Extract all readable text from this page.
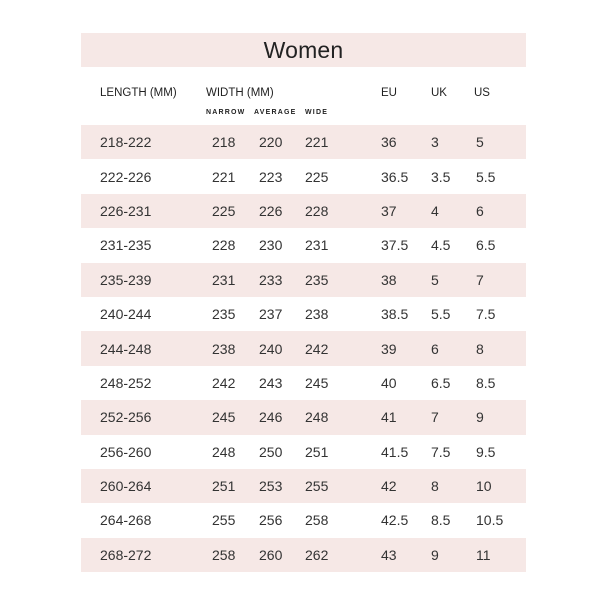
Women
LENGTH (MM)	WIDTH (MM)
NARROW AVERAGE WIDE
EU	UK US
218-222	218 220 221	36 3	5
222-226	221 223 225	36.5 3.5 5.5
226-231	225 226 228	37 4	6
231-235	228 230 231	37.5 4.5 6.5
235-239	231 233 235	38 5	7
240-244	235 237 238	38.5 5.5 7.5
244-248	238 240 242	39 6	8
248-252	242 243 245	40 6.5 8.5
252-256	245 246 248	41 7	9
256-260	248 250 251	41.5 7.5 9.5
260-264	251 253 255	42 8	10
264-268	255 256 258	42.5 8.5 10.5
268-272	258 260 262	43 9	11
